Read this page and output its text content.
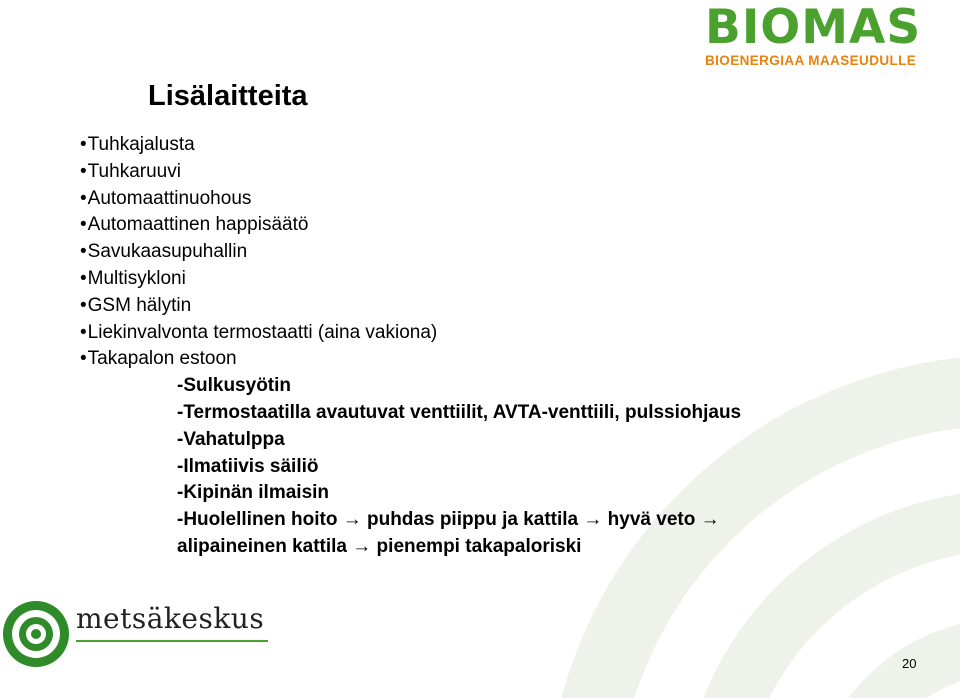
BIOMAS
BIOENERGIAA MAASEUDULLE
Lisälaitteita
• Tuhkajalusta
• Tuhkaruuvi
• Automaattinuohous
• Automaattinen happisäätö
• Savukaasupuhallin
• Multisykloni
• GSM hälytin
• Liekinvalvonta termostaatti (aina vakiona)
• Takapalon estoon
-Sulkusyötin
-Termostaatilla avautuvat venttiilit, AVTA-venttiili, pulssiohjaus
-Vahatulppa
-Ilmatiivis säiliö
-Kipinän ilmaisin
-Huolellinen hoito → puhdas piippu ja kattila → hyvä veto →
alipaineinen kattila → pienempi takapaloriski
metsäkeskus
20
